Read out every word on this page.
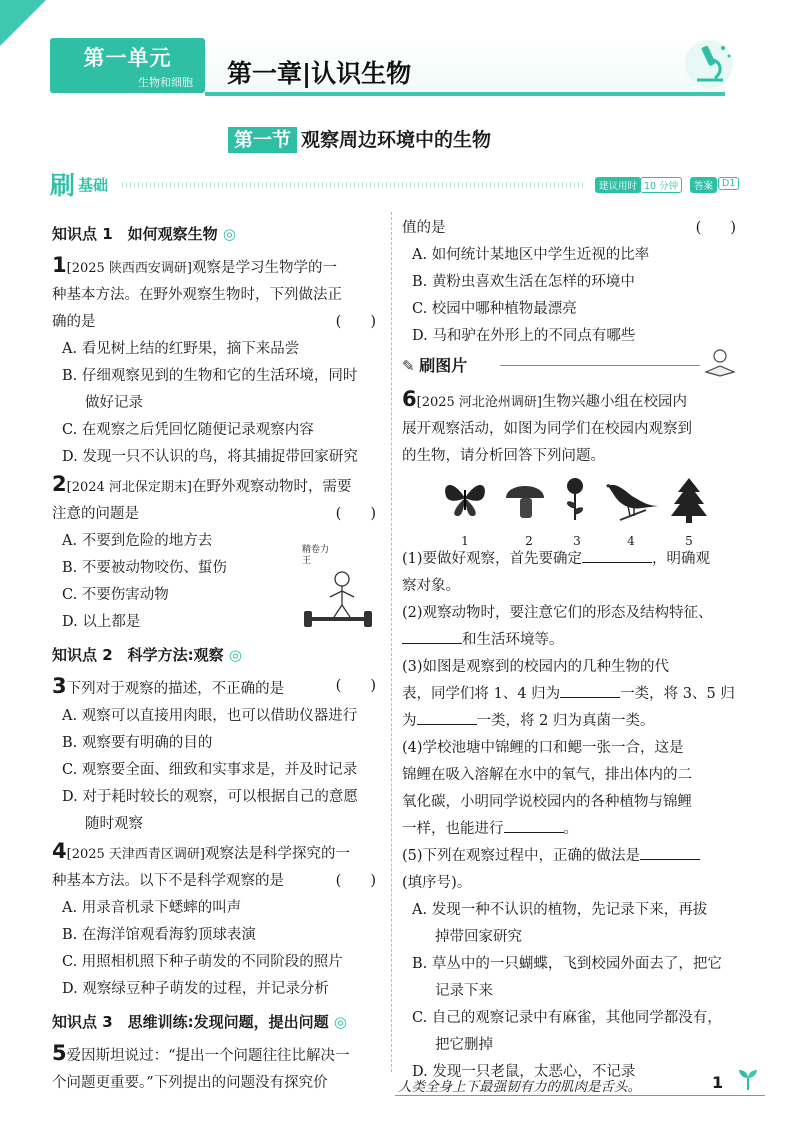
第一单元
生物和细胞 第一章|认识生物
第一节 观察周边环境中的生物
刷 基础	建议用时 10 分钟	答案 D1
知识点 1　如何观察生物 ◎

1[2025 陕西西安调研]观察是学习生物学的一

种基本方法。在野外观察生物时，下列做法正

确的是	(　　)

A. 看见树上结的红野果，摘下来品尝

B. 仔细观察见到的生物和它的生活环境，同时

做好记录

C. 在观察之后凭回忆随便记录观察内容

D. 发现一只不认识的鸟，将其捕捉带回家研究

2[2024 河北保定期末]在野外观察动物时，需要

注意的问题是	(　　)

A. 不要到危险的地方去

B. 不要被动物咬伤、蜇伤

C. 不要伤害动物

D. 以上都是

知识点 2　科学方法:观察 ◎

3下列对于观察的描述，不正确的是	(　　)

A. 观察可以直接用肉眼，也可以借助仪器进行

B. 观察要有明确的目的

C. 观察要全面、细致和实事求是，并及时记录

D. 对于耗时较长的观察，可以根据自己的意愿

随时观察

4[2025 天津西青区调研]观察法是科学探究的一

种基本方法。以下不是科学观察的是	(　　)

A. 用录音机录下蟋蟀的叫声

B. 在海洋馆观看海豹顶球表演

C. 用照相机照下种子萌发的不同阶段的照片

D. 观察绿豆种子萌发的过程，并记录分析

知识点 3　思维训练:发现问题，提出问题 ◎

5爱因斯坦说过：“提出一个问题往往比解决一

个问题更重要。”下列提出的问题没有探究价

精卷力王

值的是	(　　)

A. 如何统计某地区中学生近视的比率

B. 黄粉虫喜欢生活在怎样的环境中

C. 校园中哪种植物最漂亮

D. 马和驴在外形上的不同点有哪些

✎ 刷图片

6[2025 河北沧州调研]生物兴趣小组在校园内

展开观察活动，如图为同学们在校园内观察到

的生物，请分析回答下列问题。

1	2	3	4	5

(1)要做好观察，首先要确定	，明确观

察对象。

(2)观察动物时，要注意它们的形态及结构特征、

和生活环境等。

(3)如图是观察到的校园内的几种生物的代

表，同学们将 1、4 归为	一类，将 3、5 归

为	一类，将 2 归为真菌一类。

(4)学校池塘中锦鲤的口和鳃一张一合，这是

锦鲤在吸入溶解在水中的氧气，排出体内的二

氧化碳，小明同学说校园内的各种植物与锦鲤

一样，也能进行	。

(5)下列在观察过程中，正确的做法是

(填序号)。

A. 发现一种不认识的植物，先记录下来，再拔

掉带回家研究

B. 草丛中的一只蝴蝶，飞到校园外面去了，把它

记录下来

C. 自己的观察记录中有麻雀，其他同学都没有，

把它删掉

D. 发现一只老鼠，太恶心，不记录

人类全身上下最强韧有力的肌肉是舌头。	1
